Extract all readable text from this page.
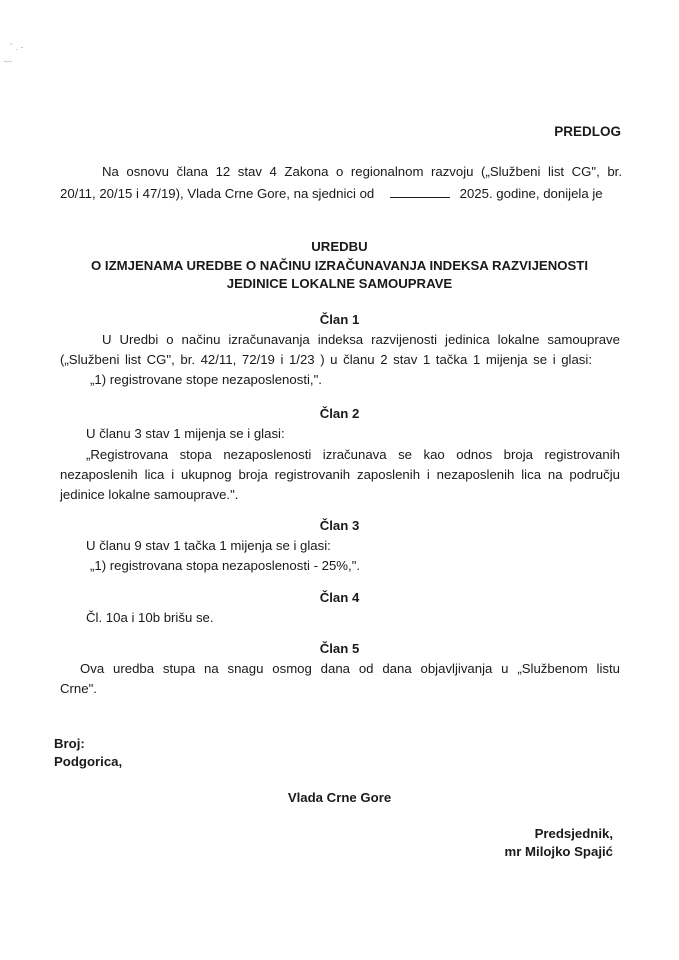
ˇ . -
‿
PREDLOG
Na osnovu člana 12 stav 4 Zakona o regionalnom razvoju („Službeni list CG", br.
20/11, 20/15 i 47/19), Vlada Crne Gore, na sjednici od	2025. godine, donijela je
UREDBU
O IZMJENAMA UREDBE O NAČINU IZRAČUNAVANJA INDEKSA RAZVIJENOSTI
JEDINICE LOKALNE SAMOUPRAVE
Član 1
U Uredbi o načinu izračunavanja indeksa razvijenosti jedinica lokalne samouprave
(„Službeni list CG", br. 42/11, 72/19 i 1/23 ) u članu 2 stav 1 tačka 1 mijenja se i glasi:
„1) registrovane stope nezaposlenosti,".
Član 2
U članu 3 stav 1 mijenja se i glasi:
„Registrovana stopa nezaposlenosti izračunava se kao odnos broja registrovanih
nezaposlenih lica i ukupnog broja registrovanih zaposlenih i nezaposlenih lica na području
jedinice lokalne samouprave.".
Član 3
U članu 9 stav 1 tačka 1 mijenja se i glasi:
„1) registrovana stopa nezaposlenosti - 25%,".
Član 4
Čl. 10a i 10b brišu se.
Član 5
Ova uredba stupa na snagu osmog dana od dana objavljivanja u „Službenom listu
Crne".
Broj:
Podgorica,
Vlada Crne Gore
Predsjednik,
mr Milojko Spajić
